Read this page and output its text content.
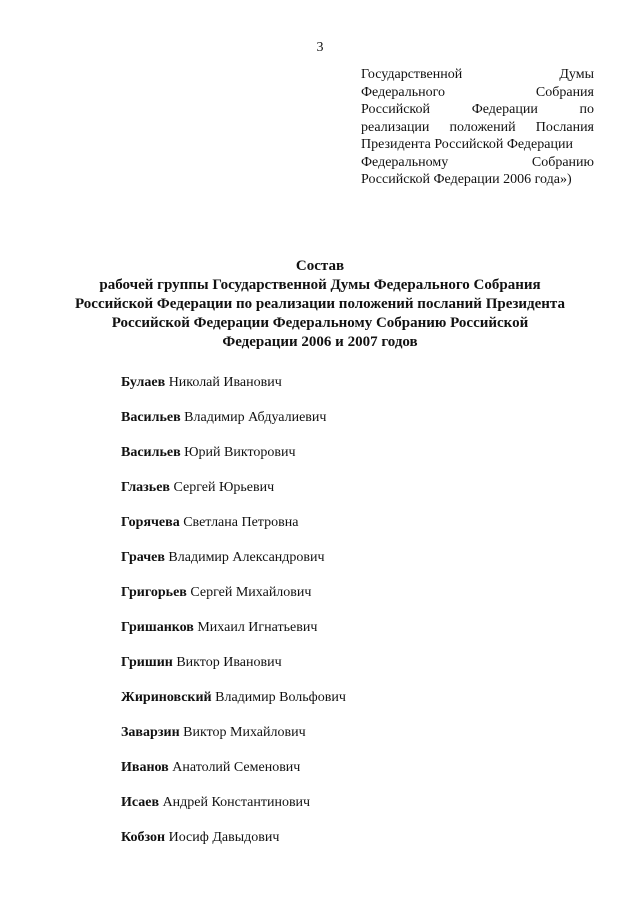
3
Государственной	Думы
Федерального	Собрания
Российской	Федерации	по
реализации положений Послания
Президента Российской Федерации
Федеральному	Собранию
Российской Федерации 2006 года»)
Состав
рабочей группы Государственной Думы Федерального Собрания
Российской Федерации по реализации положений посланий Президента
Российской Федерации Федеральному Собранию Российской
Федерации 2006 и 2007 годов
Булаев Николай Иванович
Васильев Владимир Абдуалиевич
Васильев Юрий Викторович
Глазьев Сергей Юрьевич
Горячева Светлана Петровна
Грачев Владимир Александрович
Григорьев Сергей Михайлович
Гришанков Михаил Игнатьевич
Гришин Виктор Иванович
Жириновский Владимир Вольфович
Заварзин Виктор Михайлович
Иванов Анатолий Семенович
Исаев Андрей Константинович
Кобзон Иосиф Давыдович
